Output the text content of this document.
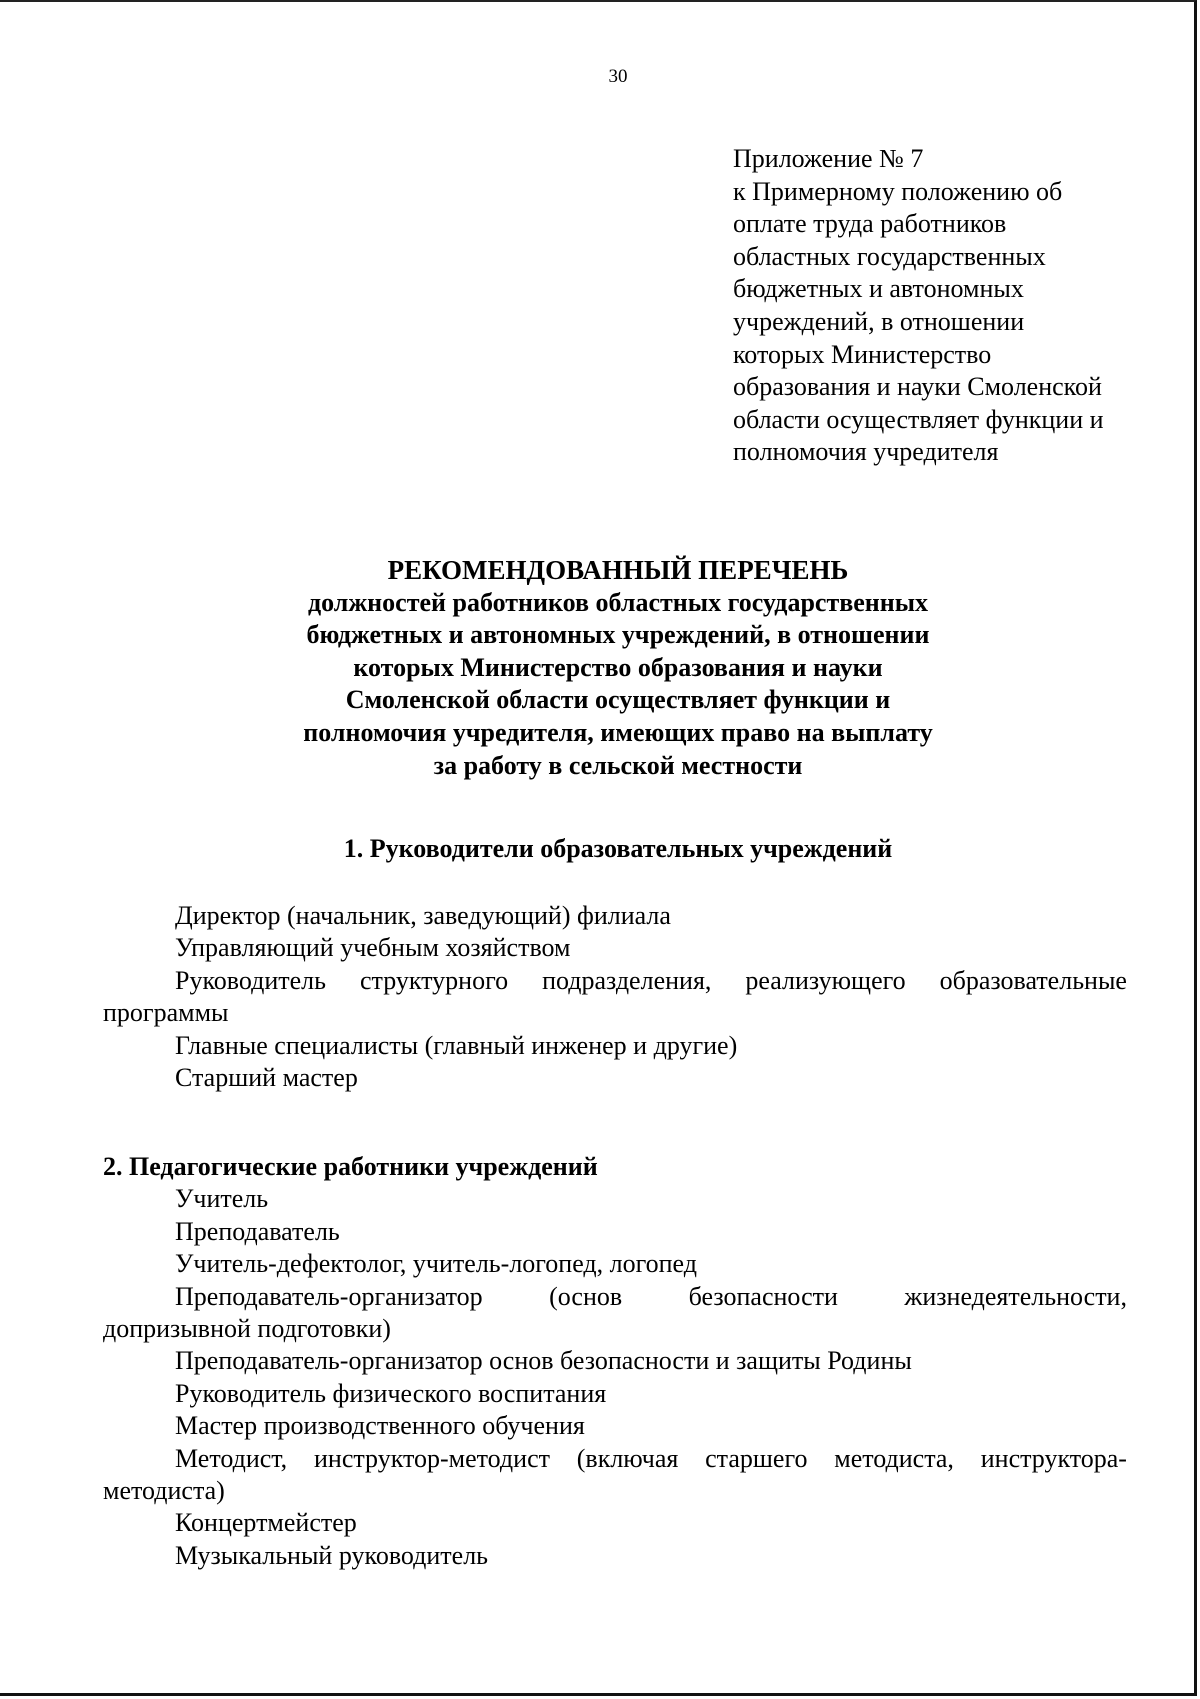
30
Приложение № 7
к Примерному положению об
оплате труда работников
областных государственных
бюджетных и автономных
учреждений, в отношении
которых Министерство
образования и науки Смоленской
области осуществляет функции и
полномочия учредителя
РЕКОМЕНДОВАННЫЙ ПЕРЕЧЕНЬ
должностей работников областных государственных
бюджетных и автономных учреждений, в отношении
которых Министерство образования и науки
Смоленской области осуществляет функции и
полномочия учредителя, имеющих право на выплату
за работу в сельской местности
1. Руководители образовательных учреждений
Директор (начальник, заведующий) филиала
Управляющий учебным хозяйством
Руководитель структурного подразделения, реализующего образовательные
программы
Главные специалисты (главный инженер и другие)
Старший мастер
2. Педагогические работники учреждений
Учитель
Преподаватель
Учитель-дефектолог, учитель-логопед, логопед
Преподаватель-организатор	(основ	безопасности	жизнедеятельности,
допризывной подготовки)
Преподаватель-организатор основ безопасности и защиты Родины
Руководитель физического воспитания
Мастер производственного обучения
Методист, инструктор-методист (включая старшего методиста, инструктора-
методиста)
Концертмейстер
Музыкальный руководитель
